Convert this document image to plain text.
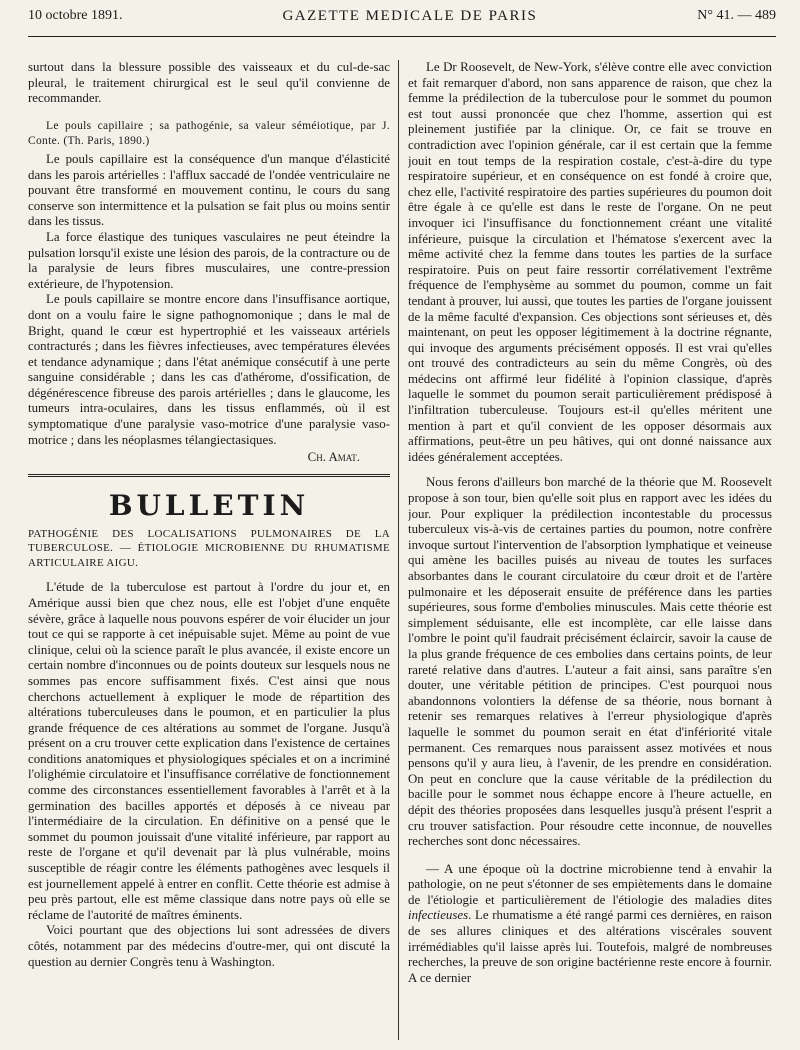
10 octobre 1891.	GAZETTE MEDICALE DE PARIS	N° 41. — 489

surtout dans la blessure possible des vaisseaux et du cul-de-sac pleural, le traitement chirurgical est le seul qu'il convienne de recommander.

Le pouls capillaire ; sa pathogénie, sa valeur séméiotique, par J. Conte. (Th. Paris, 1890.)

Le pouls capillaire est la conséquence d'un manque d'élasticité dans les parois artérielles : l'afflux saccadé de l'ondée ventriculaire ne pouvant être transformé en mouvement continu, le cours du sang conserve son intermittence et la pulsation se fait plus ou moins sentir dans les tissus.

La force élastique des tuniques vasculaires ne peut éteindre la pulsation lorsqu'il existe une lésion des parois, de la contracture ou de la paralysie de leurs fibres musculaires, une contre-pression extérieure, de l'hypotension.

Le pouls capillaire se montre encore dans l'insuffisance aortique, dont on a voulu faire le signe pathognomonique ; dans le mal de Bright, quand le cœur est hypertrophié et les vaisseaux artériels contracturés ; dans les fièvres infectieuses, avec températures élevées et tendance adynamique ; dans l'état anémique consécutif à une perte sanguine considérable ; dans les cas d'athérome, d'ossification, de dégénérescence fibreuse des parois artérielles ; dans le glaucome, les tumeurs intra-oculaires, dans les tissus enflammés, où il est symptomatique d'une paralysie vaso-motrice d'une paralysie vaso-motrice ; dans les néoplasmes télangiectasiques.

Ch. Amat.

BULLETIN

PATHOGÉNIE DES LOCALISATIONS PULMONAIRES DE LA TUBERCULOSE. — ÉTIOLOGIE MICROBIENNE DU RHUMATISME ARTICULAIRE AIGU.

L'étude de la tuberculose est partout à l'ordre du jour et, en Amérique aussi bien que chez nous, elle est l'objet d'une enquête sévère, grâce à laquelle nous pouvons espérer de voir élucider un jour tout ce qui se rapporte à cet inépuisable sujet. Même au point de vue clinique, celui où la science paraît le plus avancée, il existe encore un certain nombre d'inconnues ou de points douteux sur lesquels nous ne sommes pas encore suffisamment fixés. C'est ainsi que nous cherchons actuellement à expliquer le mode de répartition des altérations tuberculeuses dans le poumon, et en particulier la plus grande fréquence de ces altérations au sommet de l'organe. Jusqu'à présent on a cru trouver cette explication dans l'existence de certaines conditions anatomiques et physiologiques spéciales et on a incriminé l'olighémie circulatoire et l'insuffisance corrélative de fonctionnement comme des circonstances essentiellement favorables à l'arrêt et à la germination des bacilles apportés et déposés à ce niveau par l'intermédiaire de la circulation. En définitive on a pensé que le sommet du poumon jouissait d'une vitalité inférieure, par rapport au reste de l'organe et qu'il devenait par là plus vulnérable, moins susceptible de réagir contre les éléments pathogènes avec lesquels il est journellement appelé à entrer en conflit. Cette théorie est admise à peu près partout, elle est même classique dans notre pays où elle se réclame de l'autorité de maîtres éminents.

Voici pourtant que des objections lui sont adressées de divers côtés, notamment par des médecins d'outre-mer, qui ont discuté la question au dernier Congrès tenu à Washington.

Le Dr Roosevelt, de New-York, s'élève contre elle avec conviction et fait remarquer d'abord, non sans apparence de raison, que chez la femme la prédilection de la tuberculose pour le sommet du poumon est tout aussi prononcée que chez l'homme, assertion qui est pleinement justifiée par la clinique. Or, ce fait se trouve en contradiction avec l'opinion générale, car il est certain que la femme jouit en tout temps de la respiration costale, c'est-à-dire du type respiratoire supérieur, et en conséquence on est fondé à croire que, chez elle, l'activité respiratoire des parties supérieures du poumon doit être égale à ce qu'elle est dans le reste de l'organe. On ne peut invoquer ici l'insuffisance du fonctionnement créant une vitalité inférieure, puisque la circulation et l'hématose s'exercent avec la même activité chez la femme dans toutes les parties de la surface respiratoire. Puis on peut faire ressortir corrélativement l'extrême fréquence de l'emphysème au sommet du poumon, comme un fait tendant à prouver, lui aussi, que toutes les parties de l'organe jouissent de la même faculté d'expansion. Ces objections sont sérieuses et, dès maintenant, on peut les opposer légitimement à la doctrine régnante, qui invoque des arguments précisément opposés. Il est vrai qu'elles ont trouvé des contradicteurs au sein du même Congrès, où des médecins ont affirmé leur fidélité à l'opinion classique, d'après laquelle le sommet du poumon serait particulièrement prédisposé à l'infiltration tuberculeuse. Toujours est-il qu'elles méritent une mention à part et qu'il convient de les opposer désormais aux affirmations, peut-être un peu hâtives, qui ont donné naissance aux idées généralement acceptées.

Nous ferons d'ailleurs bon marché de la théorie que M. Roosevelt propose à son tour, bien qu'elle soit plus en rapport avec les idées du jour. Pour expliquer la prédilection incontestable du processus tuberculeux vis-à-vis de certaines parties du poumon, notre confrère invoque surtout l'intervention de l'absorption lymphatique et veineuse qui amène les bacilles puisés au niveau de toutes les surfaces absorbantes dans le courant circulatoire du cœur droit et de l'artère pulmonaire et les déposerait ensuite de préférence dans les parties supérieures, sous forme d'embolies minuscules. Mais cette théorie est simplement séduisante, elle est incomplète, car elle laisse dans l'ombre le point qu'il faudrait précisément éclaircir, savoir la cause de la plus grande fréquence de ces embolies dans certains points, de leur rareté relative dans d'autres. L'auteur a fait ainsi, sans paraître s'en douter, une véritable pétition de principes. C'est pourquoi nous abandonnons volontiers la défense de sa théorie, nous bornant à retenir ses remarques relatives à l'erreur physiologique d'après laquelle le sommet du poumon serait en état d'infériorité vitale permanent. Ces remarques nous paraissent assez motivées et nous pensons qu'il y aura lieu, à l'avenir, de les prendre en considération. On peut en conclure que la cause véritable de la prédilection du bacille pour le sommet nous échappe encore à l'heure actuelle, en dépit des théories proposées dans lesquelles jusqu'à présent l'esprit a cru trouver satisfaction. Pour résoudre cette inconnue, de nouvelles recherches sont donc nécessaires.

— A une époque où la doctrine microbienne tend à envahir la pathologie, on ne peut s'étonner de ses empiètements dans le domaine de l'étiologie et particulièrement de l'étiologie des maladies dites infectieuses. Le rhumatisme a été rangé parmi ces dernières, en raison de ses allures cliniques et des altérations viscérales souvent irrémédiables qu'il laisse après lui. Toutefois, malgré de nombreuses recherches, la preuve de son origine bactérienne reste encore à fournir. A ce dernier
